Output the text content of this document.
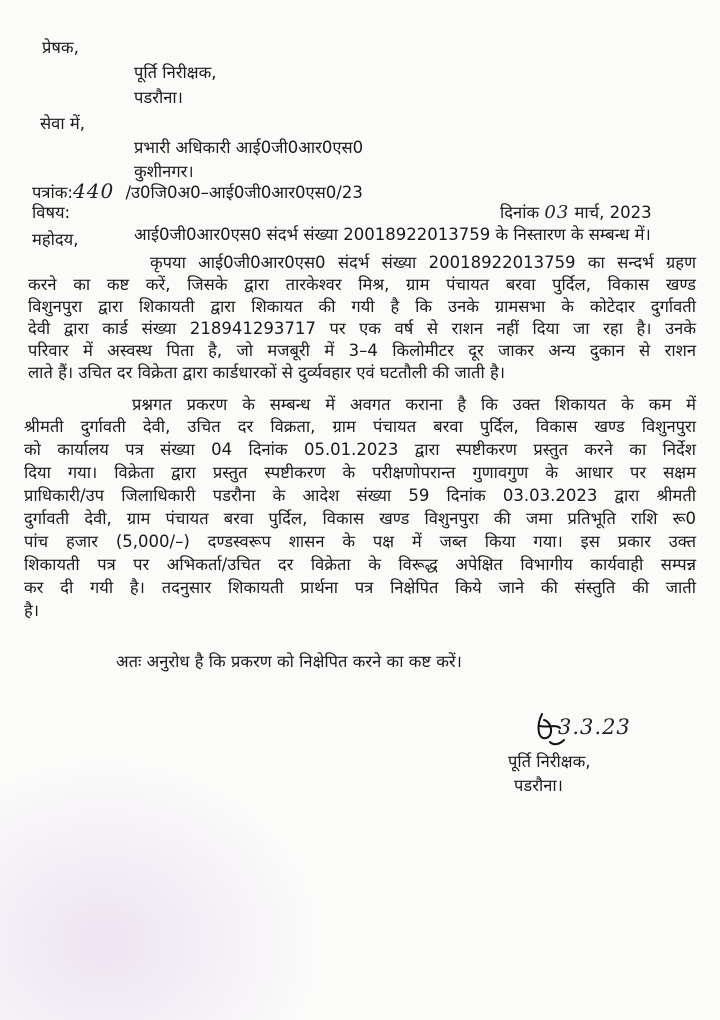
प्रेषक,

पूर्ति निरीक्षक,

पडरौना।

सेवा में,

प्रभारी अधिकारी आई0जी0आर0एस0

कुशीनगर।

पत्रांक:440 /उ0जि0अ0–आई0जी0आर0एस0/23

विषय:	दिनांक 03 मार्च, 2023

आई0जी0आर0एस0 संदर्भ संख्या 20018922013759 के निस्तारण के सम्बन्ध में।

महोदय,

कृपया आई0जी0आर0एस0 संदर्भ संख्या 20018922013759 का सन्दर्भ ग्रहण

करने का कष्ट करें, जिसके द्वारा तारकेश्वर मिश्र, ग्राम पंचायत बरवा पुर्दिल, विकास खण्ड

विशुनपुरा द्वारा शिकायती द्वारा शिकायत की गयी है कि उनके ग्रामसभा के कोटेदार दुर्गावती

देवी द्वारा कार्ड संख्या 218941293717 पर एक वर्ष से राशन नहीं दिया जा रहा है। उनके

परिवार में अस्वस्थ पिता है, जो मजबूरी में 3–4 किलोमीटर दूर जाकर अन्य दुकान से राशन

लाते हैं। उचित दर विक्रेता द्वारा कार्डधारकों से दुर्व्यवहार एवं घटतौली की जाती है।

प्रश्नगत प्रकरण के सम्बन्ध में अवगत कराना है कि उक्त शिकायत के कम में

श्रीमती दुर्गावती देवी, उचित दर विक्रता, ग्राम पंचायत बरवा पुर्दिल, विकास खण्ड विशुनपुरा

को कार्यालय पत्र संख्या 04 दिनांक 05.01.2023 द्वारा स्पष्टीकरण प्रस्तुत करने का निर्देश

दिया गया। विक्रेता द्वारा प्रस्तुत स्पष्टीकरण के परीक्षणोपरान्त गुणावगुण के आधार पर सक्षम

प्राधिकारी/उप जिलाधिकारी पडरौना के आदेश संख्या 59 दिनांक 03.03.2023 द्वारा श्रीमती

दुर्गावती देवी, ग्राम पंचायत बरवा पुर्दिल, विकास खण्ड विशुनपुरा की जमा प्रतिभूति राशि रू0

पांच हजार (5,000/–) दण्डस्वरूप शासन के पक्ष में जब्त किया गया। इस प्रकार उक्त

शिकायती पत्र पर अभिकर्ता/उचित दर विक्रेता के विरूद्ध अपेक्षित विभागीय कार्यवाही सम्पन्न

कर दी गयी है। तदनुसार शिकायती प्रार्थना पत्र निक्षेपित किये जाने की संस्तुति की जाती

है।

अतः अनुरोध है कि प्रकरण को निक्षेपित करने का कष्ट करें।

3.3.23

पूर्ति निरीक्षक,

पडरौना।
